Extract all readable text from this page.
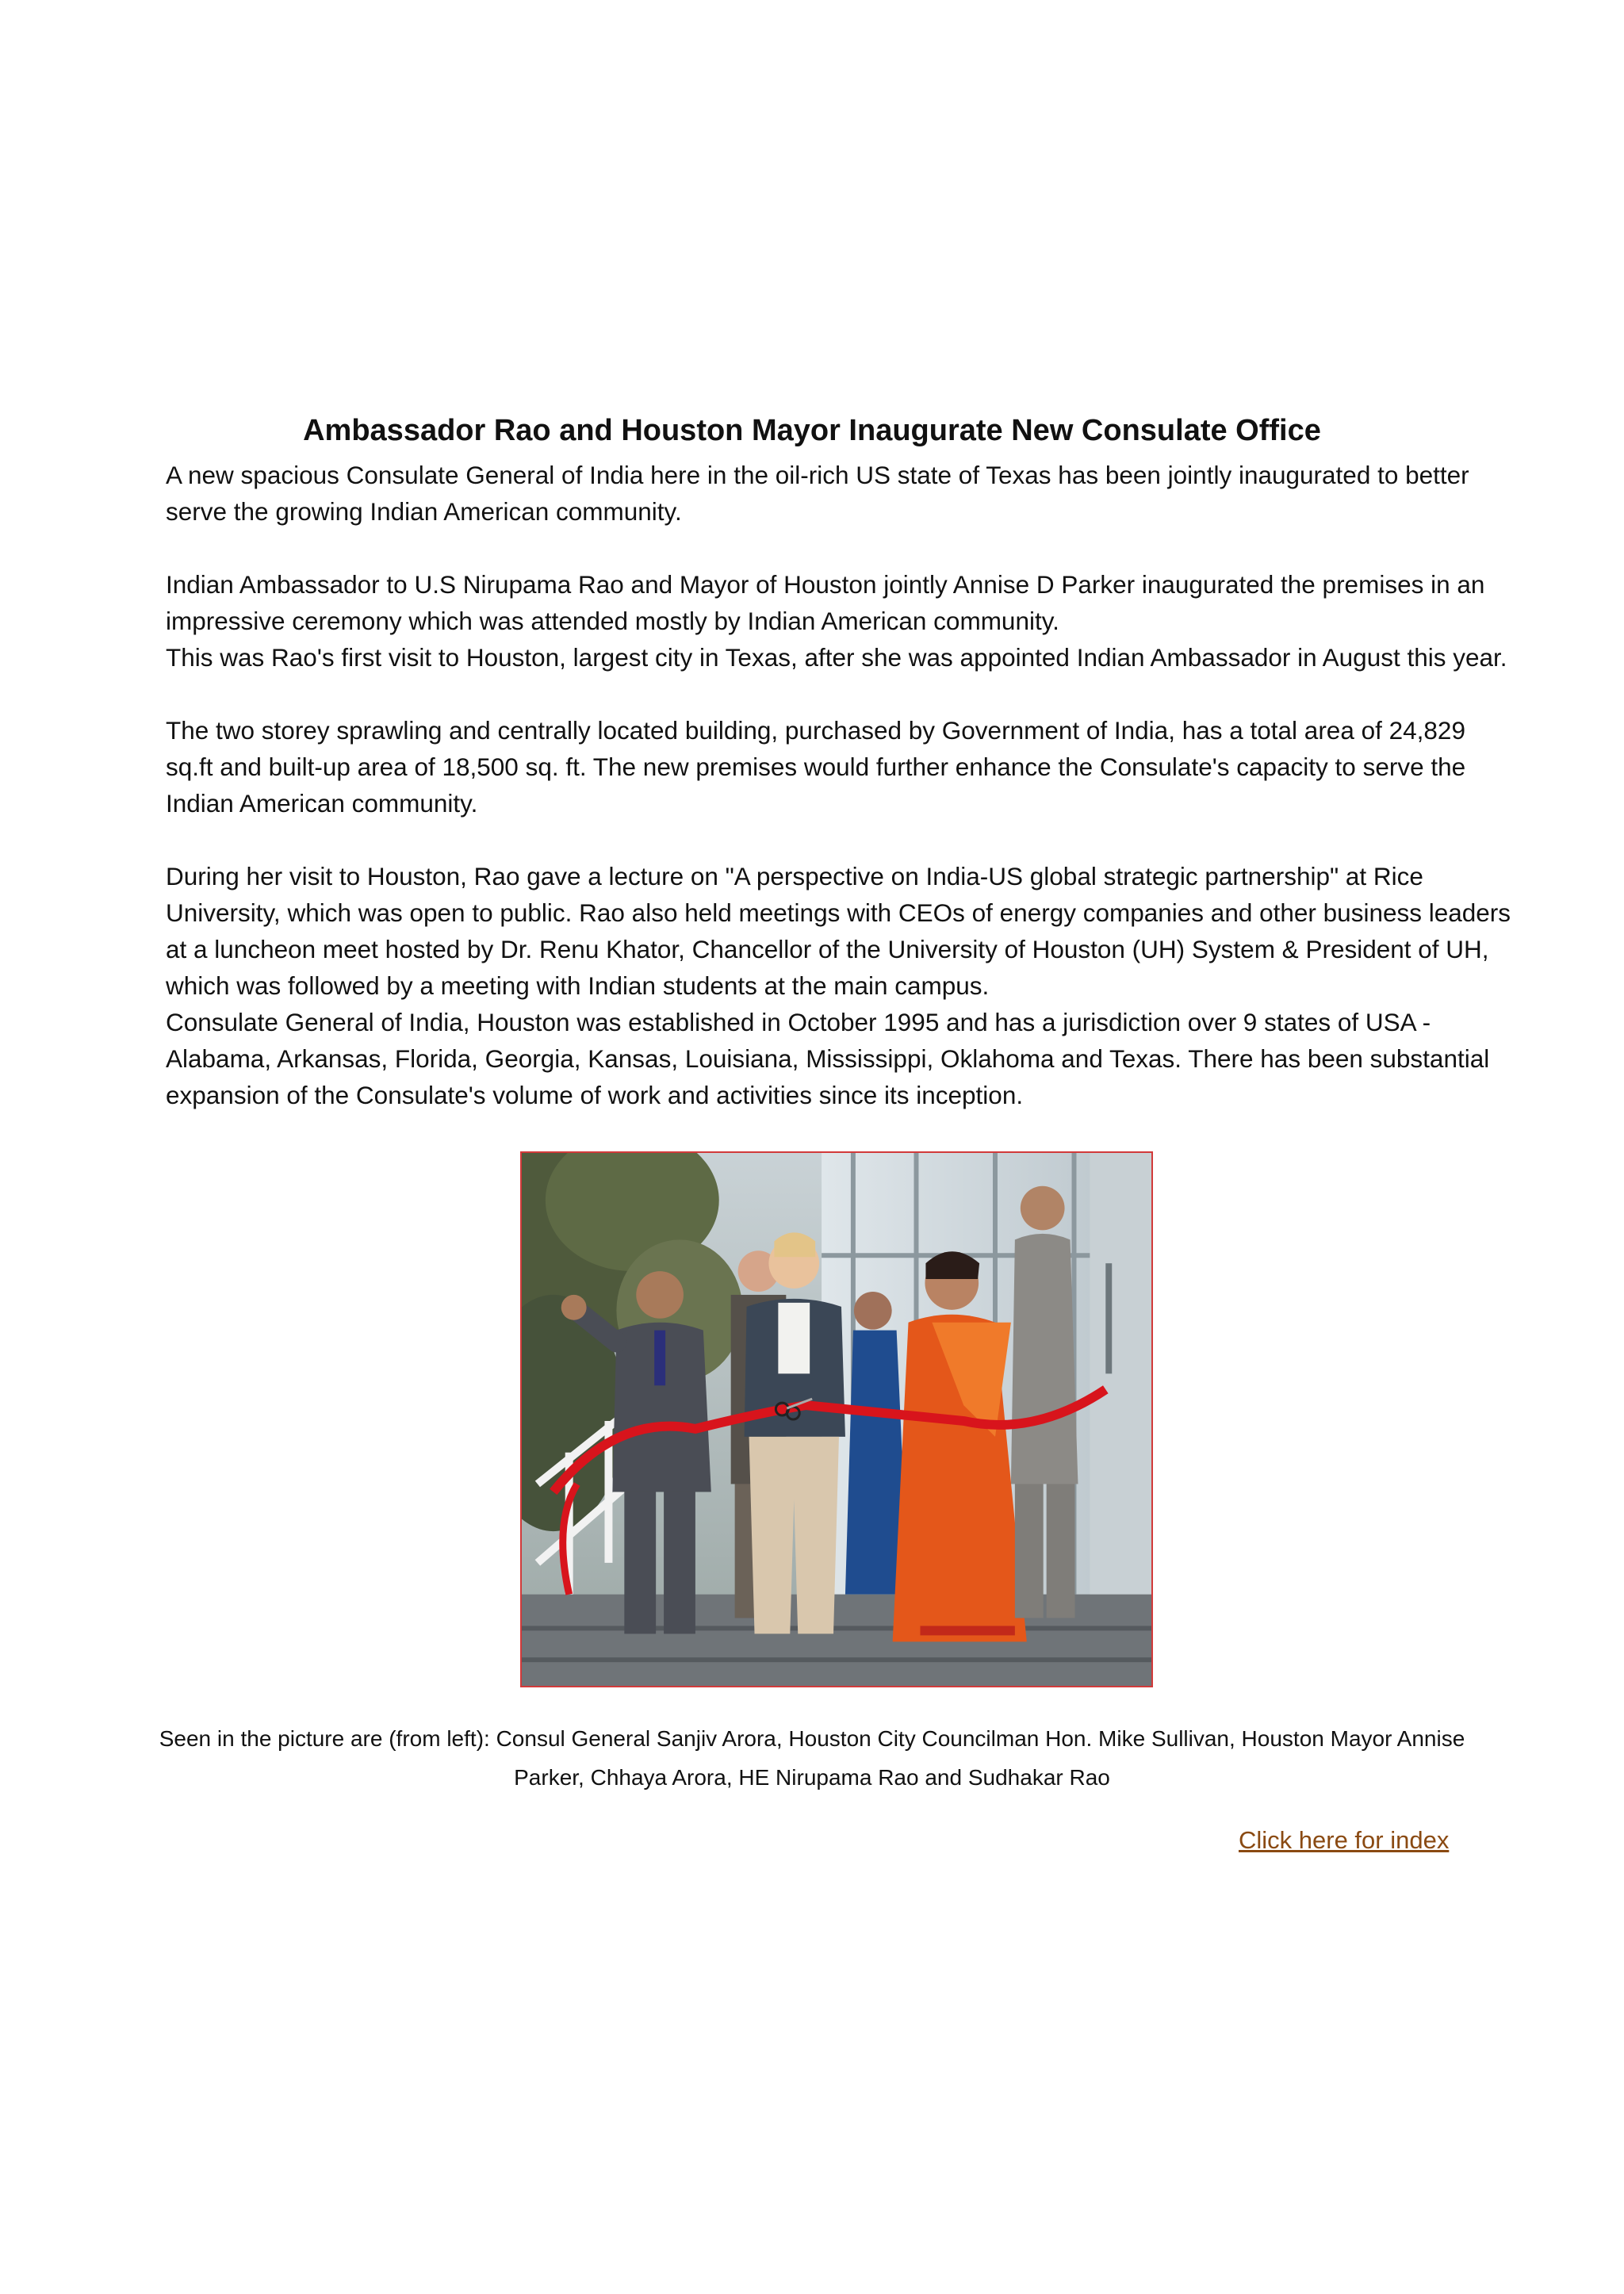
Ambassador Rao and Houston Mayor Inaugurate New Consulate Office

A new spacious Consulate General of India here in the oil-rich US state of Texas has been jointly inaugurated to better serve the growing Indian American community.

Indian Ambassador to U.S Nirupama Rao and Mayor of Houston jointly Annise D Parker inaugurated the premises in an impressive ceremony which was attended mostly by Indian American community.

This was Rao's first visit to Houston, largest city in Texas, after she was appointed Indian Ambassador in August this year.

The two storey sprawling and centrally located building, purchased by Government of India, has a total area of 24,829 sq.ft and built-up area of 18,500 sq. ft. The new premises would further enhance the Consulate's capacity to serve the Indian American community.

During her visit to Houston, Rao gave a lecture on "A perspective on India-US global strategic partnership" at Rice University, which was open to public. Rao also held meetings with CEOs of energy companies and other business leaders at a luncheon meet hosted by Dr. Renu Khator, Chancellor of the University of Houston (UH) System & President of UH, which was followed by a meeting with Indian students at the main campus.

Consulate General of India, Houston was established in October 1995 and has a jurisdiction over 9 states of USA - Alabama, Arkansas, Florida, Georgia, Kansas, Louisiana, Mississippi, Oklahoma and Texas. There has been substantial expansion of the Consulate's volume of work and activities since its inception.

Seen in the picture are (from left): Consul General Sanjiv Arora, Houston City Councilman Hon. Mike Sullivan, Houston Mayor Annise Parker, Chhaya Arora, HE Nirupama Rao and Sudhakar Rao
Click here for index
